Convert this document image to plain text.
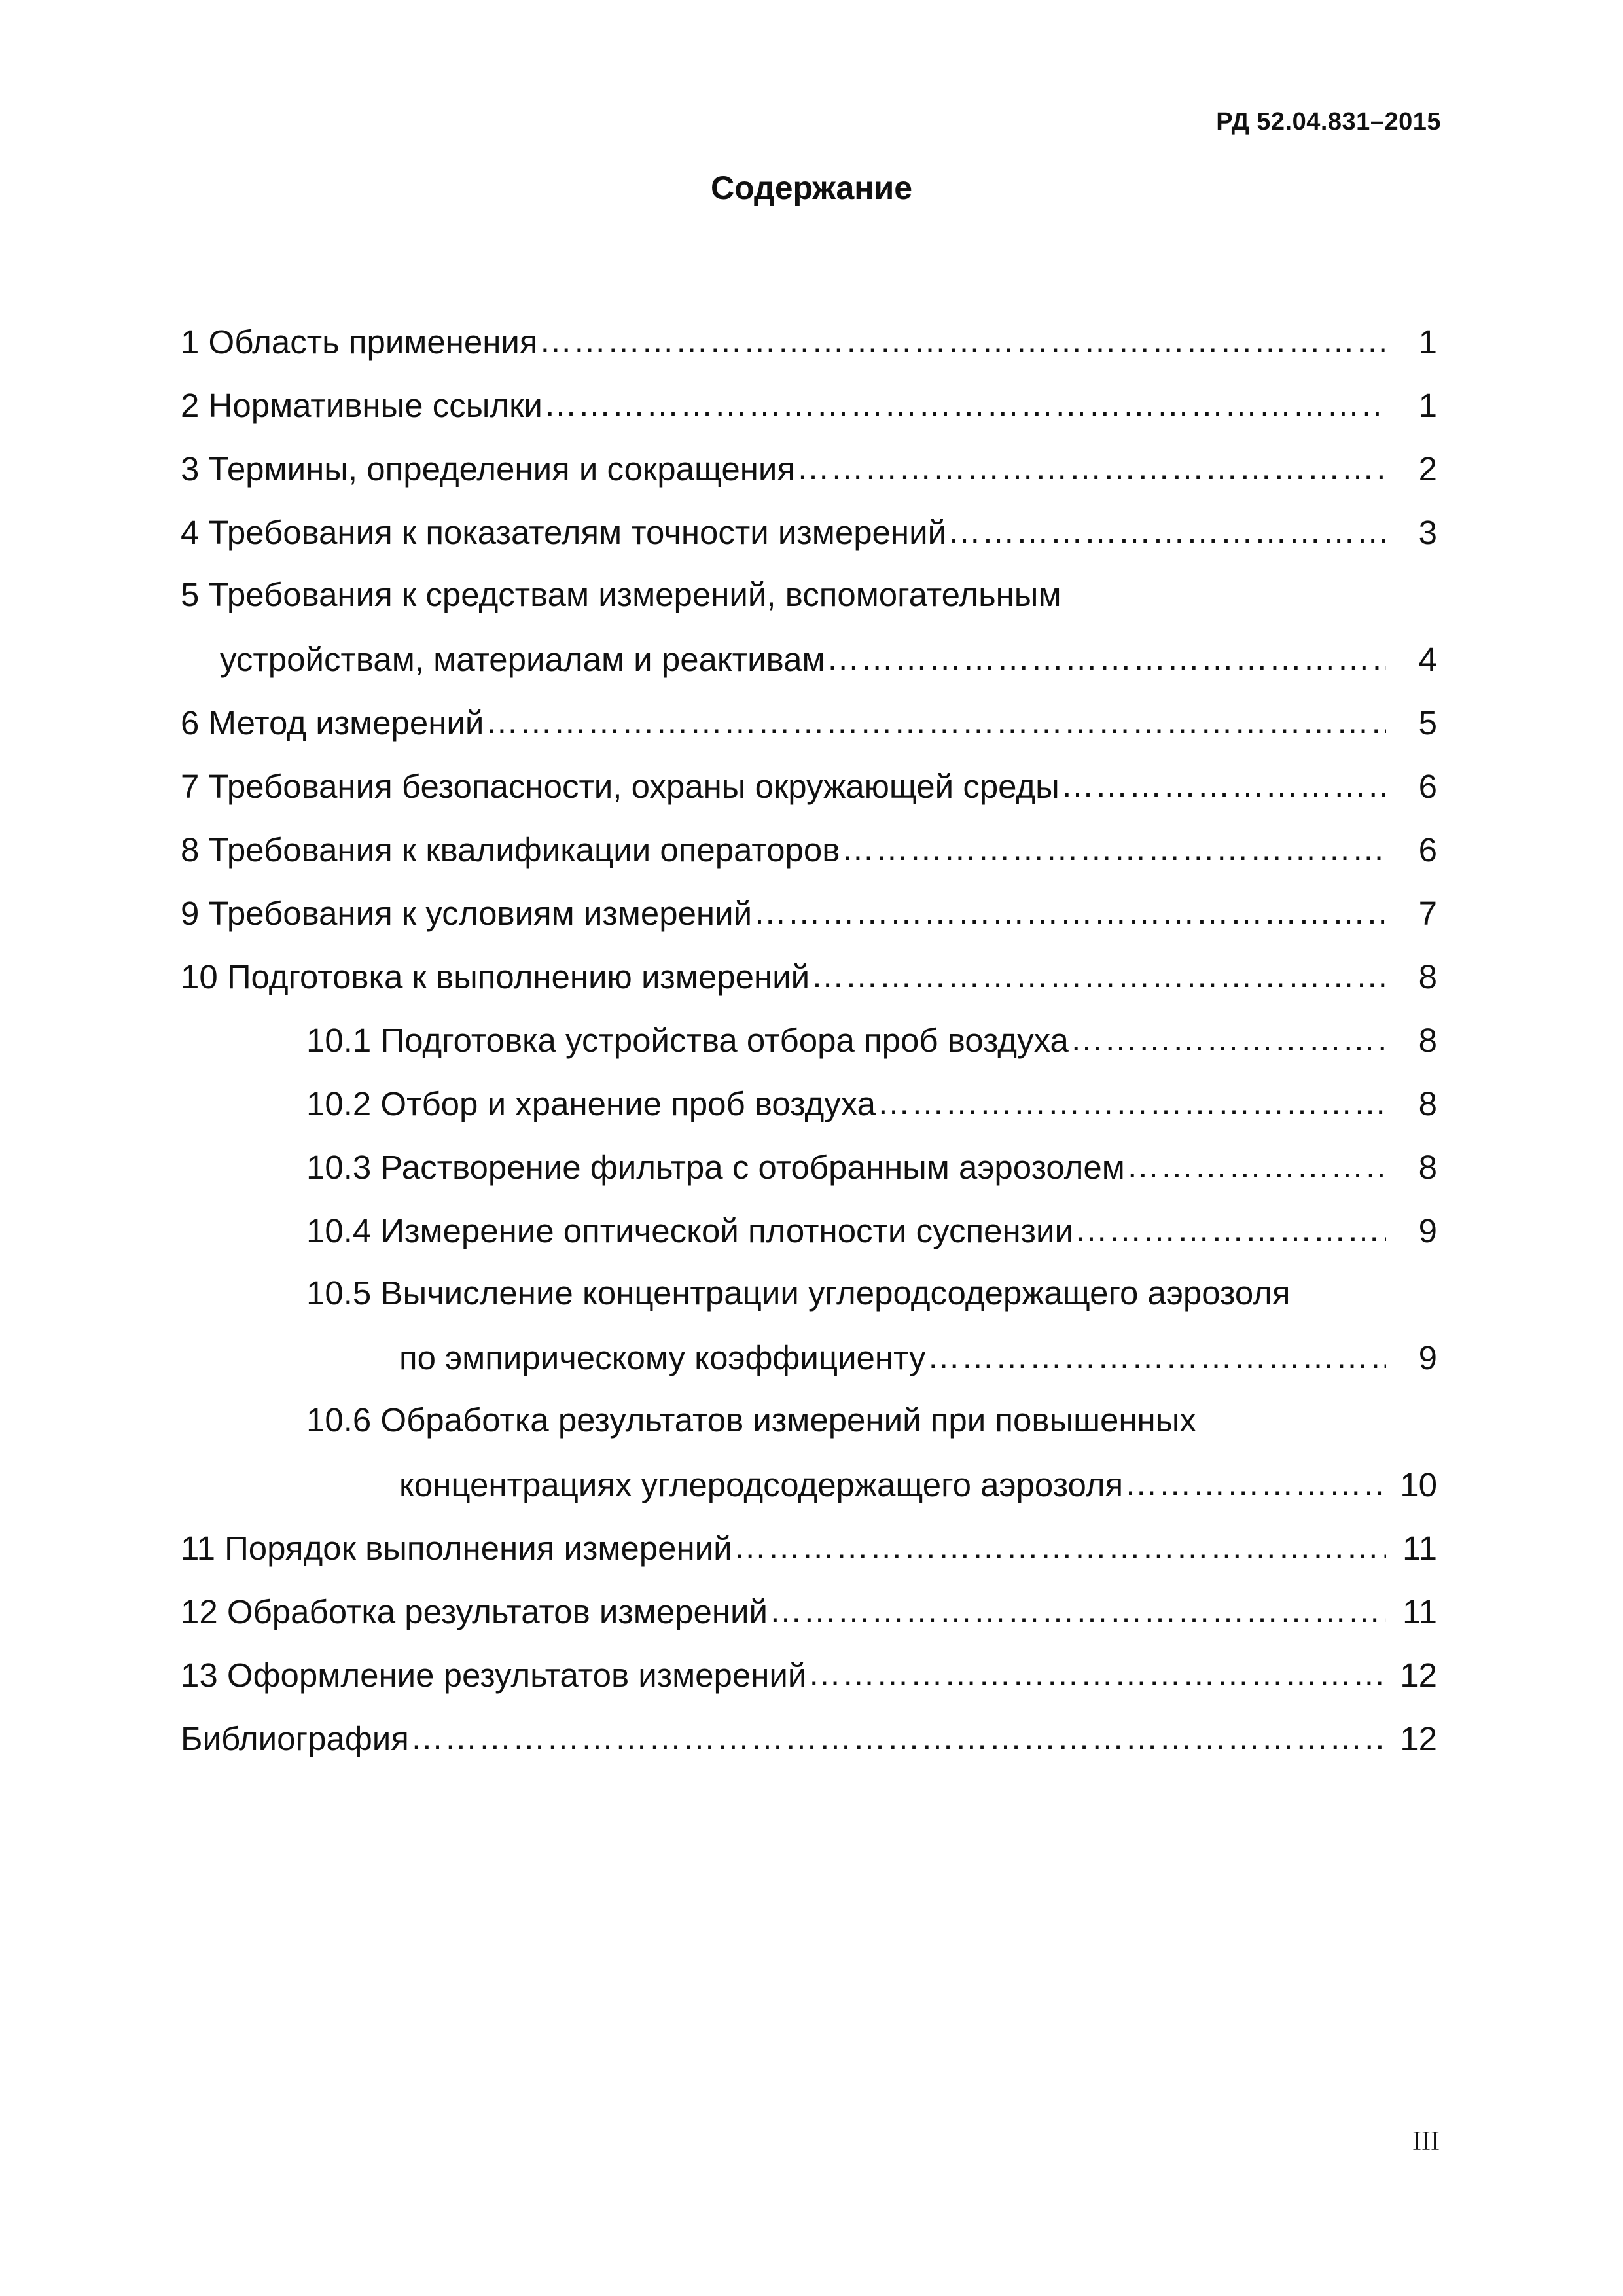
РД 52.04.831–2015
Содержание
1 Область применения ……………………………………………………………………………………………………………………………………………………………………………………	1
2 Нормативные ссылки ……………………………………………………………………………………………………………………………………………………………………………………	1
3 Термины, определения и сокращения ……………………………………………………………………………………………………………………………………………………………………………………	2
4 Требования к показателям точности измерений ……………………………………………………………………………………………………………………………………………………………………………………	3
5 Требования к средствам измерений, вспомогательным
устройствам, материалам и реактивам ……………………………………………………………………………………………………………………………………………………………………………………	4
6 Метод измерений ……………………………………………………………………………………………………………………………………………………………………………………	5
7 Требования безопасности, охраны окружающей среды ……………………………………………………………………………………………………………………………………………………………………………………	6
8 Требования к квалификации операторов ……………………………………………………………………………………………………………………………………………………………………………………	6
9 Требования к условиям измерений ……………………………………………………………………………………………………………………………………………………………………………………	7
10 Подготовка к выполнению измерений ……………………………………………………………………………………………………………………………………………………………………………………	8
10.1 Подготовка устройства отбора проб воздуха ……………………………………………………………………………………………………………………………………………………………………………………	8
10.2 Отбор и хранение проб воздуха ……………………………………………………………………………………………………………………………………………………………………………………	8
10.3 Растворение фильтра с отобранным аэрозолем ……………………………………………………………………………………………………………………………………………………………………………………	8
10.4 Измерение оптической плотности суспензии ……………………………………………………………………………………………………………………………………………………………………………………	9
10.5 Вычисление концентрации углеродсодержащего аэрозоля
по эмпирическому коэффициенту ……………………………………………………………………………………………………………………………………………………………………………………	9
10.6 Обработка результатов измерений при повышенных
концентрациях углеродсодержащего аэрозоля ……………………………………………………………………………………………………………………………………………………………………………………	10
11 Порядок выполнения измерений ……………………………………………………………………………………………………………………………………………………………………………………	11
12 Обработка результатов измерений ……………………………………………………………………………………………………………………………………………………………………………………	11
13 Оформление результатов измерений ……………………………………………………………………………………………………………………………………………………………………………………	12
Библиография ……………………………………………………………………………………………………………………………………………………………………………………	12
III
